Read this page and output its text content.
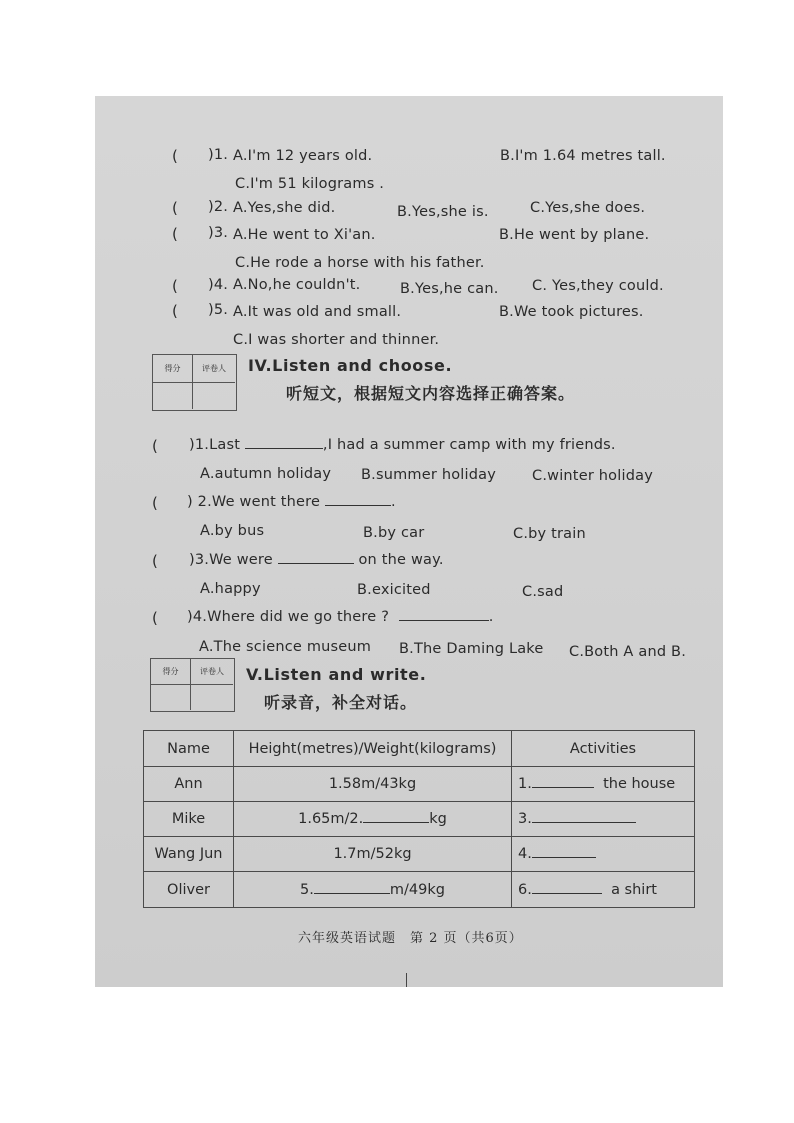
( )1. A.I'm 12 years old.	B.I'm 1.64 metres tall.
C.I'm 51 kilograms .
( )2. A.Yes,she did.	B.Yes,she is.	C.Yes,she does.
( )3. A.He went to Xi'an.	B.He went by plane.
C.He rode a horse with his father.
( )4. A.No,he couldn't.	B.Yes,he can. C. Yes,they could.
( )5. A.It was old and small.	B.We took pictures.
C.I was shorter and thinner.
得分	评卷人	IV.Listen and choose.
听短文，根据短文内容选择正确答案。
( )1.Last	,I had a summer camp with my friends.
A.autumn holiday B.summer holiday C.winter holiday
( ) 2.We went there	.
A.by bus	B.by car	C.by train
( )3.We were	on the way.
A.happy	B.exicited	C.sad
( )4.Where did we go there ?	.
A.The science museum B.The Daming Lake C.Both A and B.
得分	评卷人	V.Listen and write.
听录音，补全对话。
Name	Height(metres)/Weight(kilograms)	Activities
Ann	1.58m/43kg	1. the house
Mike	1.65m/2. kg	3.
Wang Jun	1.7m/52kg	4.
Oliver	5. m/49kg	6. a shirt
六年级英语试题　第 2 页（共6页）
